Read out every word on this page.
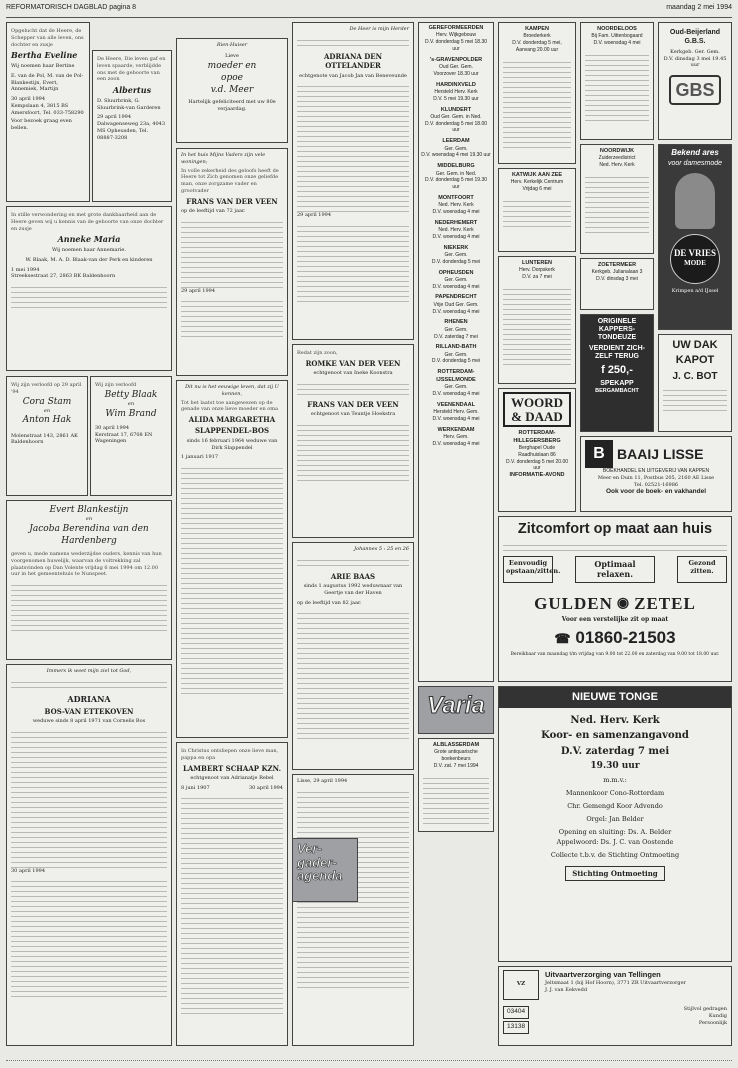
REFORMATORISCH DAGBLAD pagina 8	maandag 2 mei 1994
Opgelucht dat de Heere, de Schepper van alle leven, ons dochter en zusje
Bertha Eveline
Wij noemen haar Bertine
E. van de Pol, M. van de Pol-Blankestijn, Evert, Annemiek, Martijn
30 april 1994
Kempslaan 4, 3815 BS Amersfoort, Tel. 033-758290
Voor bezoek graag even bellen.
De Heere, Die leven gaf en leven spaarde, verblijdde ons met de geboorte van een zoon
Albertus
D. Sluurbrink, G. Sluurbrink-van Garderen
29 april 1994
Dalwagenseweg 23a, 4043 MS Opheusden, Tel. 08887-3208
In stille verwondering en met grote dankbaarheid aan de Heere geven wij u kennis van de geboorte van onze dochter en zusje
Anneke Maria
Wij noemen haar Annemarie.
W. Blaak, M. A. D. Blaak-van der Perk en kinderen
1 mei 1994
Streeksestraat 27, 2863 BK Baldenhoorn
Wij zijn verloofd op 29 april '94
Cora Stam
en
Anton Hak
Molenstraat 143, 2861 AK Baldenhoorn
Wij zijn verloofd
Betty Blaak
en
Wim Brand
30 april 1994
Kerstraat 17, 6708 EN Wageningen
Evert Blankestijn
en
Jacoba Berendina van den Hardenberg
geven u, mede namens wederzijdse ouders, kennis van hun voorgenomen huwelijk, waarvan de voltrekking zal plaatsvinden op Dan Volente vrijdag 6 mei 1994 om 12.00 uur in het gemeentehuis te Nunspeet.
Immers ik weet mijn ziel tot God,
ADRIANA
BOS-VAN ETTEKOVEN
weduwe sinds 8 april 1971 van Cornelis Bos
30 april 1994
Rien-Huiser
Lieve
moeder en
opoe
v.d. Meer
Hartelijk gefeliciteerd met uw 80e verjaardag.
In het huis Mijns Vaders zijn vele woningen;
In volle zekerheid des geloofs heeft de Heere tot Zich genomen onze geliefde man, onze zorgzame vader en grootvader
FRANS VAN DER VEEN
op de leeftijd van 72 jaar.
29 april 1994
Dit nu is het eeuwige leven, dat zij U kennen,
Tot het laatst toe aangewezen op de genade van onze lieve moeder en oma
ALIDA MARGARETHA
SLAPPENDEL-BOS
sinds 16 februari 1964 weduwe van Dirk Slappendel
1 januari 1917
In Christus ontsliepen onze lieve man, pappa en opa
LAMBERT SCHAAP KZN.
echtgenoot van Adrianatje Rebel
8 juni 1907	30 april 1994
De Heer is mijn Herder
ADRIANA DEN OTTELANDER
echtgenote van Jacob Jan van Beneveunde
29 april 1994
Redat zijn zoon,
ROMKE VAN DER VEEN
echtgenoot van Ineke Koonstra
FRANS VAN DER VEEN
echtgenoot van Teuntje Hoekstra
Johannes 5 : 25 en 26
ARIE BAAS
sinds 1 augustus 1992 weduwnaar van Geertje van der Haven
op de leeftijd van 82 jaar.
Lisse, 29 april 1994
GEREFORMEERDEN
Herv. Wijkgebouw
D.V. donderdag 5 mei 18.30 uur

's-GRAVENPOLDER
Oud Ger. Gem.
Voorzover 18.30 uur

HARDINXVELD
Hersteld Herv. Kerk
D.V. 5 mei 19.30 uur

KLUNDERT
Oud Ger. Gem. in Ned.
D.V. donderdag 5 mei 18.00 uur

LEERDAM
Ger. Gem.
D.V. woensdag 4 mei 19.30 uur

MIDDELBURG
Ger. Gem. in Ned.
D.V. donderdag 5 mei 19.30 uur

MONTFOORT
Ned. Herv. Kerk
D.V. woensdag 4 mei

NEDERHEMERT
Ned. Herv. Kerk
D.V. woensdag 4 mei

NIEKERK
Ger. Gem.
D.V. donderdag 5 mei

OPHEUSDEN
Ger. Gem.
D.V. woensdag 4 mei

PAPENDRECHT
Vrije Oud Ger. Gem.
D.V. woensdag 4 mei

RHENEN
Ger. Gem.
D.V. zaterdag 7 mei

RILLAND-BATH
Ger. Gem.
D.V. donderdag 5 mei

ROTTERDAM-IJSSELMONDE
Ger. Gem.
D.V. woensdag 4 mei

VEENENDAAL
Hersteld Herv. Gem.
D.V. woensdag 4 mei

WERKENDAM
Herv. Gem.
D.V. woensdag 4 mei

Varia
ALBLASSERDAM
Grote antiquarische boekenbeurs
D.V. zat. 7 mei 1994
KAMPEN
Broederkerk
D.V. donderdag 5 mei, Aanvang 20.00 uur
KATWIJK AAN ZEE
Herv. Kerkelijk Centrum
Vrijdag 6 mei
LUNTEREN
Herv. Dorpskerk
D.V. za 7 mei
WOORD
& DAAD
ROTTERDAM-HILLEGERSBERG
Berghapel Oude Raadhuislaan 86
D.V. donderdag 5 mei 20.00 uur
INFORMATIE-AVOND
NOORDELOOS
Bij Fam. Uittenbogaard
D.V. woensdag 4 mei
NOORDWIJK
Zuiderzeedistrict
Ned. Herv. Kerk
ZOETERMEER
Kerkgeb. Julianalaan 3
D.V. dinsdag 3 mei
ORIGINELE
KAPPERS-
TONDEUZE
VERDIENT ZICH-
ZELF TERUG
f 250,-
SPEKAPP
BERGAMBACHT
Oud-Beijerland G.B.S.
Kerkgeb. Ger. Gem.
D.V. dinsdag 3 mei 19.45 uur
GBS
Bekend ares
voor damesmode
DE VRIES
MODE
Krimpen a/d IJssel
UW DAK
KAPOT
J. C. BOT
B BAAIJ LISSE
BOEKHANDEL EN UITGEVERIJ VAN KAPPEN
Meer en Duin 11, Postbus 205, 2160 AE Lisse
Tel. 02521-16986
Ook voor de boek- en vakhandel
Zitcomfort op maat aan huis
Eenvoudig opstaan/zitten.
Optimaal relaxen.
Gezond zitten.
GULDEN ◉ ZETEL
Voor een verstelijke zit op maat
☎ 01860-21503
Bereikbaar van maandag t/m vrijdag van 9.00 tot 22.00 en zaterdag van 9.00 tot 18.00 uur.
NIEUWE TONGE
Ned. Herv. Kerk
Koor- en samenzangavond
D.V. zaterdag 7 mei
19.30 uur
m.m.v.:
Mannenkoor Cono-Rotterdam
Chr. Gemengd Koor Advendo
Orgel: Jan Belder
Opening en sluiting: Ds. A. Belder
Appelwoord: Ds. J. C. van Oostende
Collecte t.b.v. de Stichting Ontmoeting
Stichting Ontmoeting
Ver-
gader-
agenda
VZ
Uitvaartverzorging van Tellingen
Jeltsmaat 1 (bij Hof Hoorn), 3771 ZR Uitvaartverzorger
J. J. van Eekvedd
03404
13138
Stijlvol gedragen
Kundig
Persoonlijk
